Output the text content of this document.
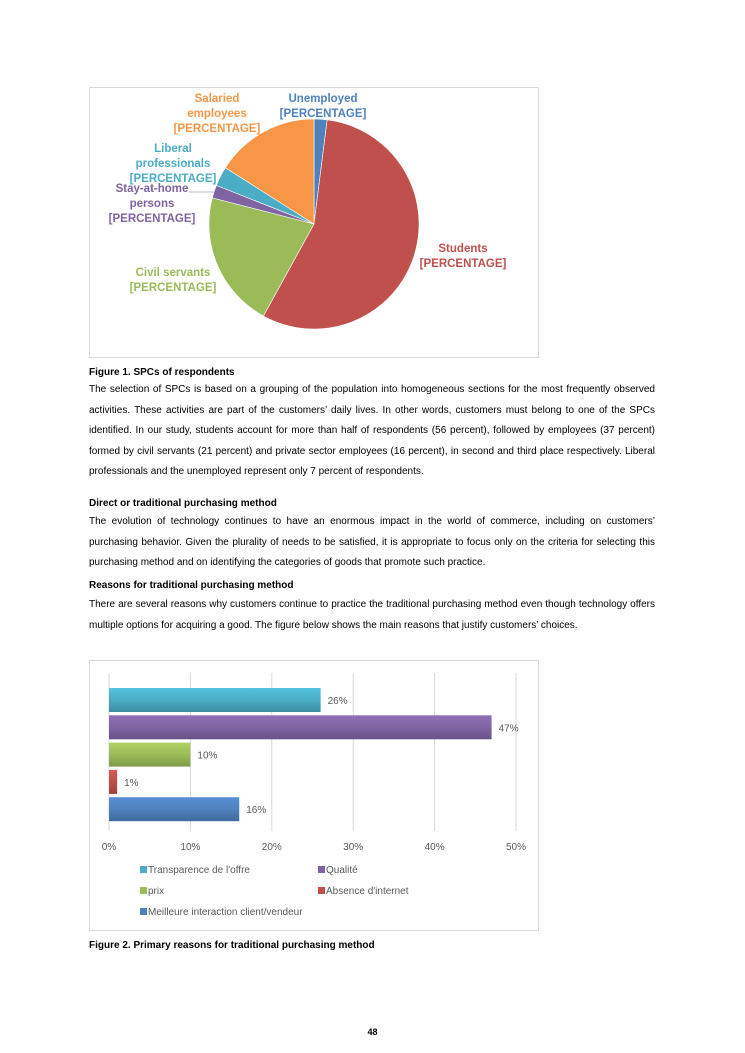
Unemployed
[PERCENTAGE]
Students
[PERCENTAGE]
Civil servants
[PERCENTAGE]
Stay-at-home
persons
[PERCENTAGE]
Liberal
professionals
[PERCENTAGE]
Salaried
employees
[PERCENTAGE]
Figure 1. SPCs of respondents

The selection of SPCs is based on a grouping of the population into homogeneous sections for the most frequently observed activities. These activities are part of the customers’ daily lives. In other words, customers must belong to one of the SPCs identified. In our study, students account for more than half of respondents (56 percent), followed by employees (37 percent) formed by civil servants (21 percent) and private sector employees (16 percent), in second and third place respectively. Liberal professionals and the unemployed represent only 7 percent of respondents.

Direct or traditional purchasing method

The evolution of technology continues to have an enormous impact in the world of commerce, including on customers’ purchasing behavior. Given the plurality of needs to be satisfied, it is appropriate to focus only on the criteria for selecting this purchasing method and on identifying the categories of goods that promote such practice.

Reasons for traditional purchasing method

There are several reasons why customers continue to practice the traditional purchasing method even though technology offers multiple options for acquiring a good. The figure below shows the main reasons that justify customers’ choices.

0%	10%	20%	30%	40%	50%
26%
47%
10%
1%
16%
Transparence de l'offre	Qualité
prix	Absence d'internet
Meilleure interaction client/vendeur
Figure 2. Primary reasons for traditional purchasing method
48
